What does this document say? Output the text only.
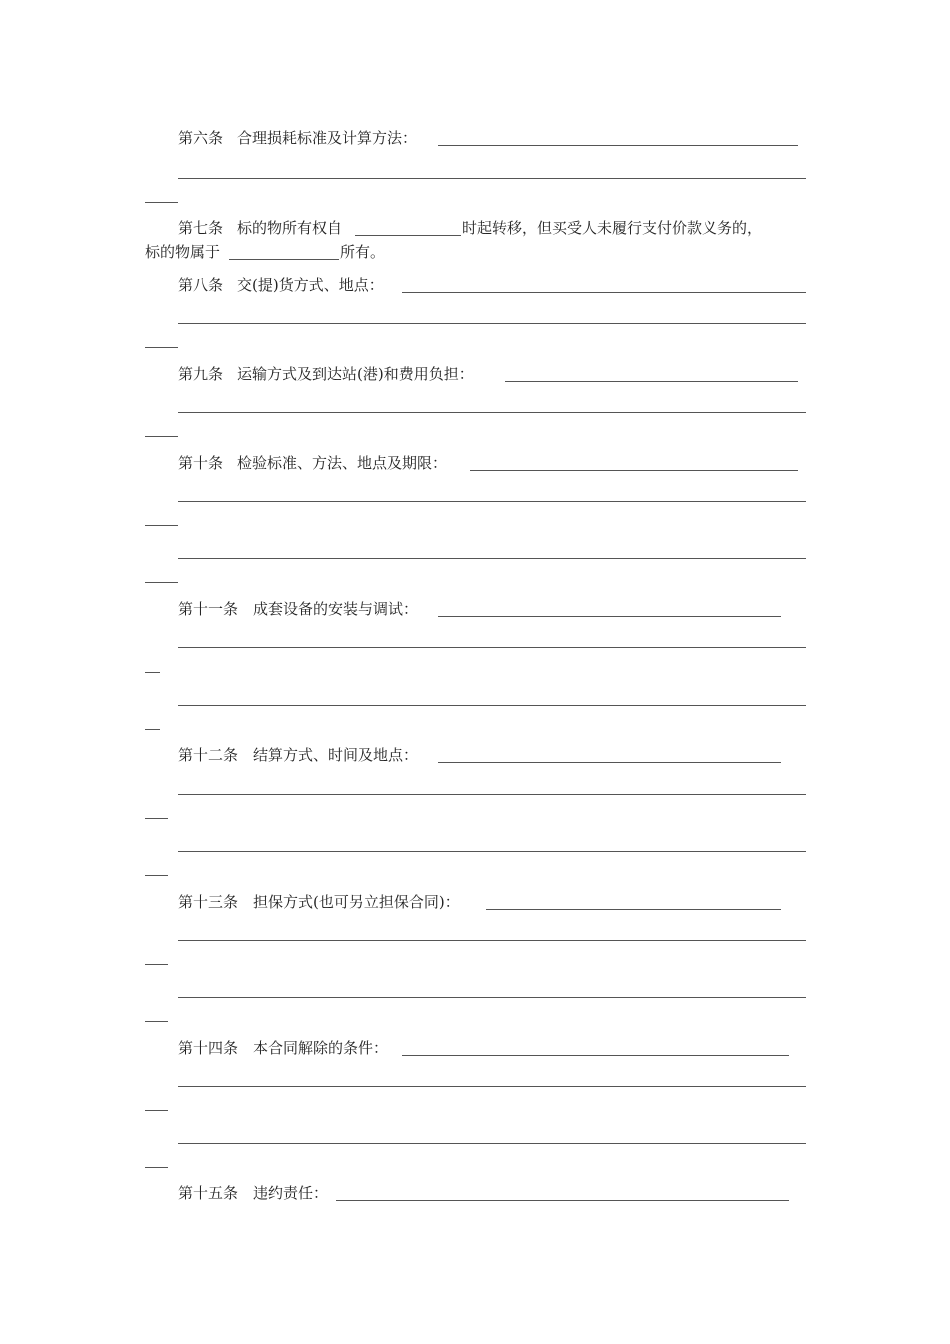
第六条 合理损耗标准及计算方法：
第七条 标的物所有权自	时起转移，但买受人未履行支付价款义务的，
标的物属于	所有。
第八条 交(提)货方式、地点：
第九条 运输方式及到达站(港)和费用负担：
第十条 检验标准、方法、地点及期限：
第十一条 成套设备的安装与调试：
第十二条 结算方式、时间及地点：
第十三条 担保方式(也可另立担保合同)：
第十四条 本合同解除的条件：
第十五条 违约责任：
